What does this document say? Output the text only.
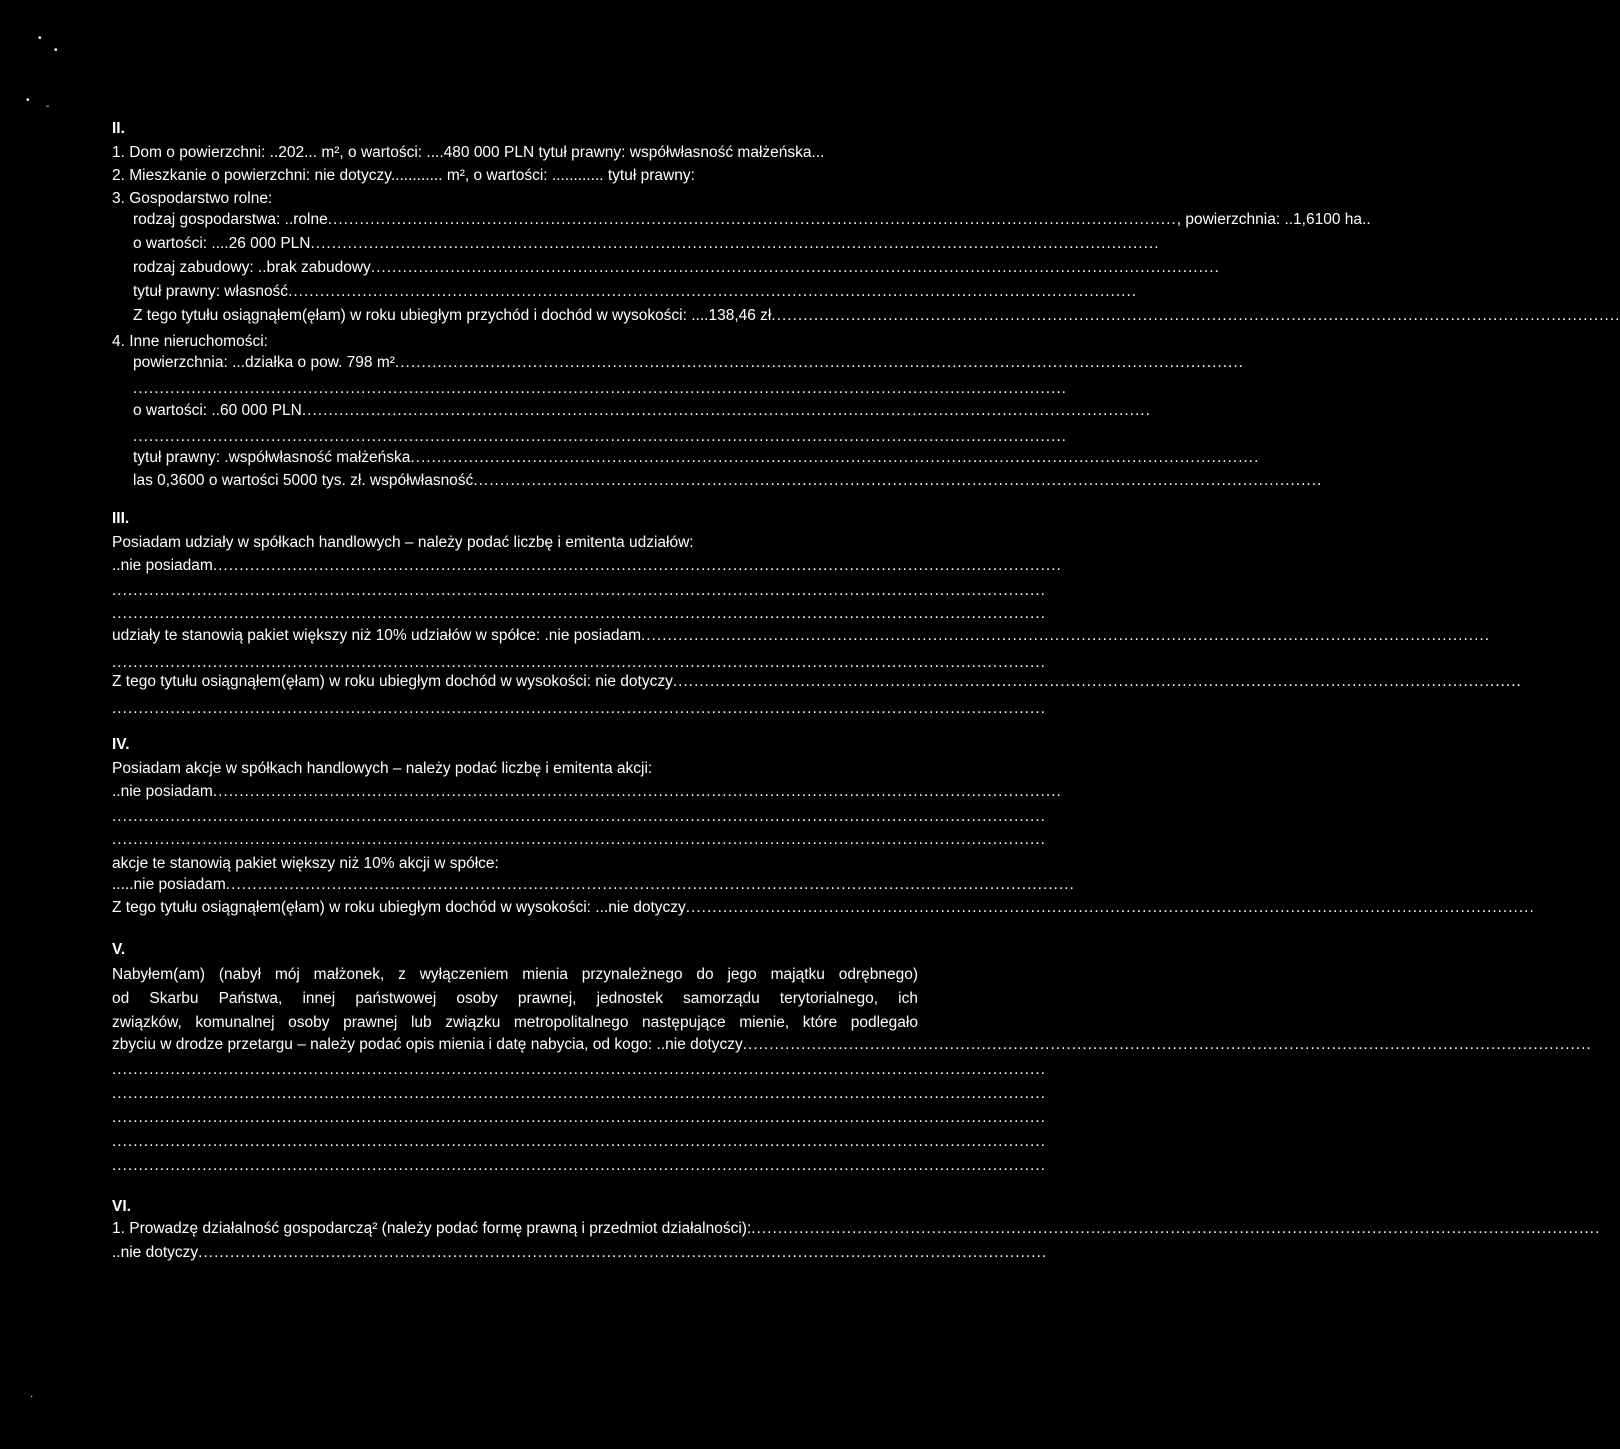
•
•
•
-
II.
1. Dom o powierzchni: ..202... m², o wartości: ....480 000 PLN tytuł prawny: współwłasność małżeńska...
2. Mieszkanie o powierzchni: nie dotyczy............ m², o wartości: ............ tytuł prawny:
3. Gospodarstwo rolne:
rodzaj gospodarstwa: ..rolne ................................................................................................................................................................ , powierzchnia: ..1,6100 ha..
o wartości: ....26 000 PLN ................................................................................................................................................................
rodzaj zabudowy: ..brak zabudowy ................................................................................................................................................................
tytuł prawny: własność ................................................................................................................................................................
Z tego tytułu osiągnąłem(ęłam) w roku ubiegłym przychód i dochód w wysokości: ....138,46 zł ................................................................................................................................................................
4. Inne nieruchomości:
powierzchnia: ...działka o pow. 798 m² ................................................................................................................................................................
................................................................................................................................................................................
o wartości: ..60 000 PLN ................................................................................................................................................................
................................................................................................................................................................................
tytuł prawny: .współwłasność małżeńska ................................................................................................................................................................
las 0,3600 o wartości 5000 tys. zł. współwłasność ................................................................................................................................................................
III.
Posiadam udziały w spółkach handlowych – należy podać liczbę i emitenta udziałów:
..nie posiadam ................................................................................................................................................................
................................................................................................................................................................................
................................................................................................................................................................................
udziały te stanowią pakiet większy niż 10% udziałów w spółce: .nie posiadam ................................................................................................................................................................
................................................................................................................................................................................
Z tego tytułu osiągnąłem(ęłam) w roku ubiegłym dochód w wysokości: nie dotyczy ................................................................................................................................................................
................................................................................................................................................................................
IV.
Posiadam akcje w spółkach handlowych – należy podać liczbę i emitenta akcji:
..nie posiadam ................................................................................................................................................................
................................................................................................................................................................................
................................................................................................................................................................................
akcje te stanowią pakiet większy niż 10% akcji w spółce:
.....nie posiadam ................................................................................................................................................................
Z tego tytułu osiągnąłem(ęłam) w roku ubiegłym dochód w wysokości: ...nie dotyczy ................................................................................................................................................................
V.
Nabyłem(am) (nabył mój małżonek, z wyłączeniem mienia przynależnego do jego majątku odrębnego)
od Skarbu Państwa, innej państwowej osoby prawnej, jednostek samorządu terytorialnego, ich
związków, komunalnej osoby prawnej lub związku metropolitalnego następujące mienie, które podlegało
zbyciu w drodze przetargu – należy podać opis mienia i datę nabycia, od kogo: ..nie dotyczy ................................................................................................................................................................
................................................................................................................................................................................
................................................................................................................................................................................
................................................................................................................................................................................
................................................................................................................................................................................
................................................................................................................................................................................
VI.
1. Prowadzę działalność gospodarczą² (należy podać formę prawną i przedmiot działalności): ................................................................................................................................................................
..nie dotyczy ................................................................................................................................................................
·
